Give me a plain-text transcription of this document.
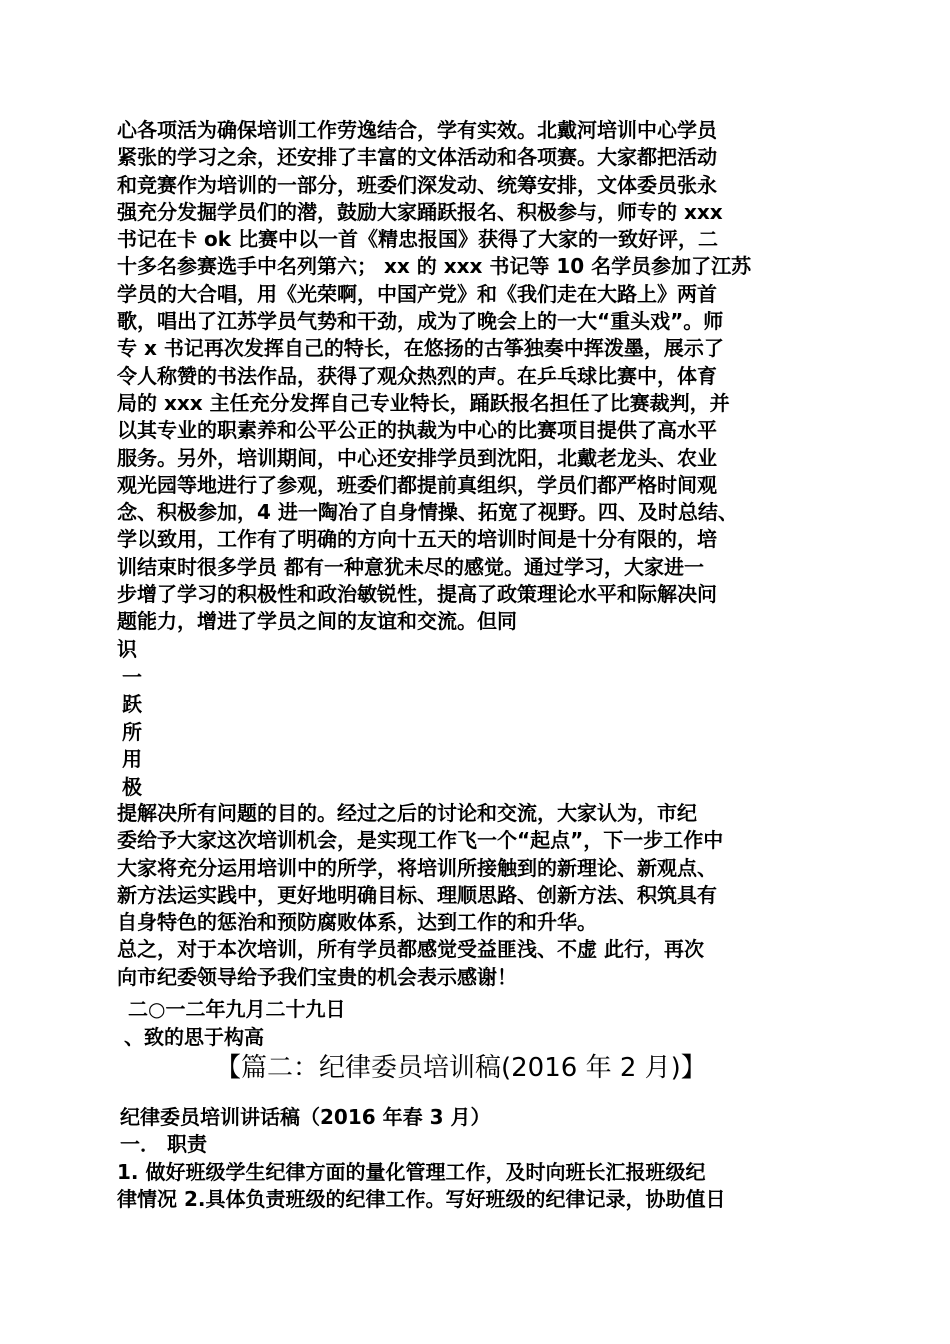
心各项活为确保培训工作劳逸结合，学有实效。北戴河培训中心学员
紧张的学习之余，还安排了丰富的文体活动和各项赛。大家都把活动
和竞赛作为培训的一部分，班委们深发动、统筹安排，文体委员张永
强充分发掘学员们的潜，鼓励大家踊跃报名、积极参与，师专的 xxx
书记在卡 ok 比赛中以一首《精忠报国》获得了大家的一致好评，二
十多名参赛选手中名列第六； xx 的 xxx 书记等 10 名学员参加了江苏
学员的大合唱，用《光荣啊，中国产党》和《我们走在大路上》两首
歌，唱出了江苏学员气势和干劲，成为了晚会上的一大“重头戏”。师
专 x 书记再次发挥自己的特长，在悠扬的古筝独奏中挥泼墨，展示了
令人称赞的书法作品，获得了观众热烈的声。在乒乓球比赛中，体育
局的 xxx 主任充分发挥自己专业特长，踊跃报名担任了比赛裁判，并
以其专业的职素养和公平公正的执裁为中心的比赛项目提供了高水平
服务。另外，培训期间，中心还安排学员到沈阳，北戴老龙头、农业
观光园等地进行了参观，班委们都提前真组织，学员们都严格时间观
念、积极参加，4 进一陶冶了自身情操、拓宽了视野。四、及时总结、
学以致用，工作有了明确的方向十五天的培训时间是十分有限的，培
训结束时很多学员 都有一种意犹未尽的感觉。通过学习，大家进一
步增了学习的积极性和政治敏锐性，提高了政策理论水平和际解决问
题能力，增进了学员之间的友谊和交流。但同
识
一
跃
所
用
极
提解决所有问题的目的。经过之后的讨论和交流，大家认为，市纪
委给予大家这次培训机会，是实现工作飞一个“起点”，下一步工作中
大家将充分运用培训中的所学，将培训所接触到的新理论、新观点、
新方法运实践中，更好地明确目标、理顺思路、创新方法、积筑具有
自身特色的惩治和预防腐败体系，达到工作的和升华。
总之，对于本次培训，所有学员都感觉受益匪浅、不虚 此行，再次
向市纪委领导给予我们宝贵的机会表示感谢！
二○一二年九月二十九日
、致的思于构高
【篇二：纪律委员培训稿(2016 年 2 月)】
纪律委员培训讲话稿（2016 年春 3 月）
一． 职责
1. 做好班级学生纪律方面的量化管理工作，及时向班长汇报班级纪
律情况 2.具体负责班级的纪律工作。写好班级的纪律记录，协助值日
